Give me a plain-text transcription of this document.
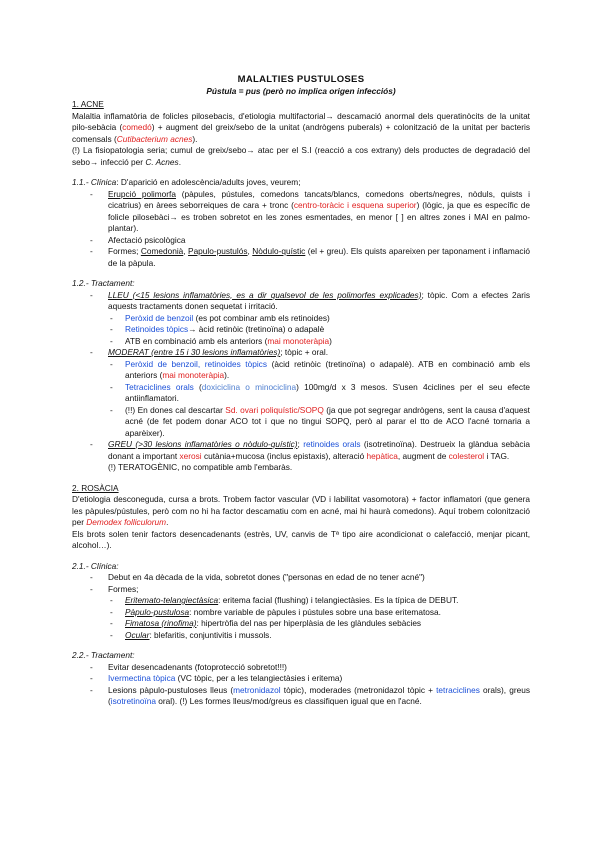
MALALTIES PUSTULOSES

Pústula = pus (però no implica origen infecciós)

1. ACNE

Malaltia inflamatòria de folicles pilosebacis, d'etiologia multifactorial→ descamació anormal dels queratinòcits de la unitat pilo-sebàcia (comedó) + augment del greix/sebo de la unitat (andrògens puberals) + colonització de la unitat per bacteris comensals (Cutibacterium acnes).

(!) La fisiopatologia seria; cumul de greix/sebo→ atac per el S.I (reacció a cos extrany) dels productes de degradació del sebo→ infecció per C. Acnes.

1.1.- Clínica: D'aparició en adolescència/adults joves, veurem;

- Erupció polimorfa (pàpules, pústules, comedons tancats/blancs, comedons oberts/negres, nòduls, quists i cicatrius) en àrees seborreiques de cara + tronc (centro-toràcic i esquena superior) (lògic, ja que es específic de folicle pilosebàci→ es troben sobretot en les zones esmentades, en menor [ ] en altres zones i MAI en palmo-plantar).
- Afectació psicològica
- Formes; Comedonià, Papulo-pustulós, Nòdulo-quístic (el + greu). Els quists apareixen per taponament i inflamació de la pàpula.

1.2.- Tractament:

- LLEU (<15 lesions inflamatòries, es a dir qualsevol de les polimorfes explicades); tòpic. Com a efectes 2aris aquests tractaments donen sequetat i irritació.
- Peròxid de benzoil (es pot combinar amb els retinoides)
- Retinoides tòpics→ àcid retinòic (tretinoïna) o adapalè
- ATB en combinació amb els anteriors (mai monoteràpia)
- MODERAT (entre 15 i 30 lesions inflamatòries); tòpic + oral.
- Peròxid de benzoil, retinoides tòpics (àcid retinòic (tretinoïna) o adapalè). ATB en combinació amb els anteriors (mai monoteràpia).
- Tetraciclines orals (doxiciclina o minociclina) 100mg/d x 3 mesos. S'usen 4ciclines per el seu efecte antiinflamatori.
- (!!) En dones cal descartar Sd. ovari poliquístic/SOPQ (ja que pot segregar andrògens, sent la causa d'aquest acné (de fet podem donar ACO tot i que no tingui SOPQ, però al parar el tto de ACO l'acné tornaria a aparèixer).
- GREU (>30 lesions inflamatòries o nòdulo-quístic); retinoides orals (isotretinoïna). Destrueix la glàndua sebàcia donant a important xerosi cutània+mucosa (inclus epistaxis), alteració hepàtica, augment de colesterol i TAG.

(!) TERATOGÈNIC, no compatible amb l'embaràs.

2. ROSÀCIA

D'etiologia desconeguda, cursa a brots. Trobem factor vascular (VD i labilitat vasomotora) + factor inflamatori (que genera les pàpules/pústules, però com no hi ha factor descamatiu com en acné, mai hi haurà comedons). Aquí trobem colonització per Demodex folliculorum.

Els brots solen tenir factors desencadenants (estrès, UV, canvis de Tª tipo aire acondicionat o calefacció, menjar picant, alcohol…).

2.1.- Clínica:

- Debut en 4a dècada de la vida, sobretot dones ("personas en edad de no tener acné")
- Formes;
- Eritemato-telangiectàsica: eritema facial (flushing) i telangiectàsies. Es la típica de DEBUT.
- Pàpulo-pustulosa: nombre variable de pàpules i pústules sobre una base eritematosa.
- Fimatosa (rinofima): hipertròfia del nas per hiperplàsia de les glàndules sebàcies
- Ocular: blefaritis, conjuntivitis i mussols.

2.2.- Tractament:

- Evitar desencadenants (fotoprotecció sobretot!!!)
- Ivermectina tòpica (VC tòpic, per a les telangiectàsies i eritema)
- Lesions pàpulo-pustuloses lleus (metronidazol tòpic), moderades (metronidazol tòpic + tetraciclines orals), greus (isotretinoïna oral). (!) Les formes lleus/mod/greus es classifiquen igual que en l'acné.
